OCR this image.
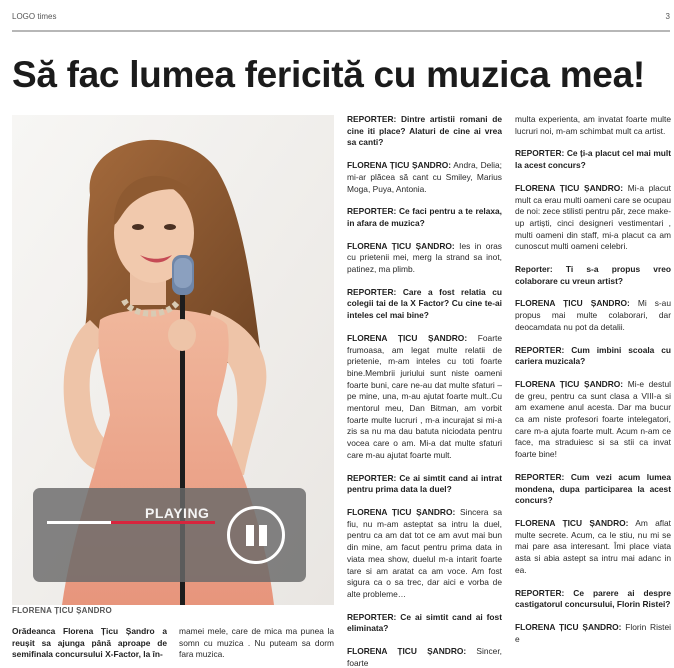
LOGO times	3
Să fac lumea fericită cu muzica mea!
FLORENA ȚICU ȘANDRO
PLAYING
Orădeanca Florena Țicu Șandro a reușit sa ajunga până aproape de semifinala concursului X-Factor, la în-
mamei mele, care de mica ma punea la somn cu muzica . Nu puteam sa dorm fara muzica.

REPORTER: Dintre artistii romani de cine iti place? Alaturi de cine ai vrea sa canti?

FLORENA ȚICU ȘANDRO: Andra, Delia; mi-ar plăcea să cant cu Smiley, Marius Moga, Puya, Antonia.

REPORTER: Ce faci pentru a te relaxa, in afara de muzica?

FLORENA ȚICU ȘANDRO: Ies in oras cu prietenii mei, merg la strand sa inot, patinez, ma plimb.

REPORTER: Care a fost relatia cu colegii tai de la X Factor? Cu cine te-ai inteles cel mai bine?

FLORENA ȚICU ȘANDRO: Foarte frumoasa, am legat multe relatii de prietenie, m-am inteles cu toti foarte bine.Membrii juriului sunt niste oameni foarte buni, care ne-au dat multe sfaturi – pe mine, una, m-au ajutat foarte mult..Cu mentorul meu, Dan Bitman, am vorbit foarte multe lucruri , m-a incurajat si mi-a zis sa nu ma dau batuta niciodata pentru vocea care o am. Mi-a dat multe sfaturi care m-au ajutat foarte mult.

REPORTER: Ce ai simtit cand ai intrat pentru prima data la duel?

FLORENA ȚICU ȘANDRO: Sincera sa fiu, nu m-am asteptat sa intru la duel, pentru ca am dat tot ce am avut mai bun din mine, am facut pentru prima data in viata mea show, duelul m-a intarit foarte tare si am aratat ca am voce. Am fost sigura ca o sa trec, dar aici e vorba de alte probleme…

REPORTER: Ce ai simtit cand ai fost eliminata?

FLORENA ȚICU ȘANDRO: Sincer, foarte

multa experienta, am invatat foarte multe lucruri noi, m-am schimbat mult ca artist.

REPORTER: Ce ți-a placut cel mai mult la acest concurs?

FLORENA ȚICU ȘANDRO: Mi-a placut mult ca erau multi oameni care se ocupau de noi: zece stilisti pentru păr, zece make-up artiști, cinci designeri vestimentari , multi oameni din staff, mi-a placut ca am cunoscut multi oameni celebri.

Reporter: Ti s-a propus vreo colaborare cu vreun artist?

FLORENA ȚICU ȘANDRO: Mi s-au propus mai multe colaborari, dar deocamdata nu pot da detalii.

REPORTER: Cum imbini scoala cu cariera muzicala?

FLORENA ȚICU ȘANDRO: Mi-e destul de greu, pentru ca sunt clasa a VIII-a si am examene anul acesta. Dar ma bucur ca am niste profesori foarte intelegatori, care m-a ajuta foarte mult. Acum n-am ce face, ma straduiesc si sa stii ca invat foarte bine!

REPORTER: Cum vezi acum lumea mondena, dupa participarea la acest concurs?

FLORENA ȚICU ȘANDRO: Am aflat multe secrete. Acum, ca le stiu, nu mi se mai pare asa interesant. Îmi place viata asta si abia astept sa intru mai adanc in ea.

REPORTER: Ce parere ai despre castigatorul concursului, Florin Ristei?

FLORENA ȚICU ȘANDRO: Florin Ristei e
